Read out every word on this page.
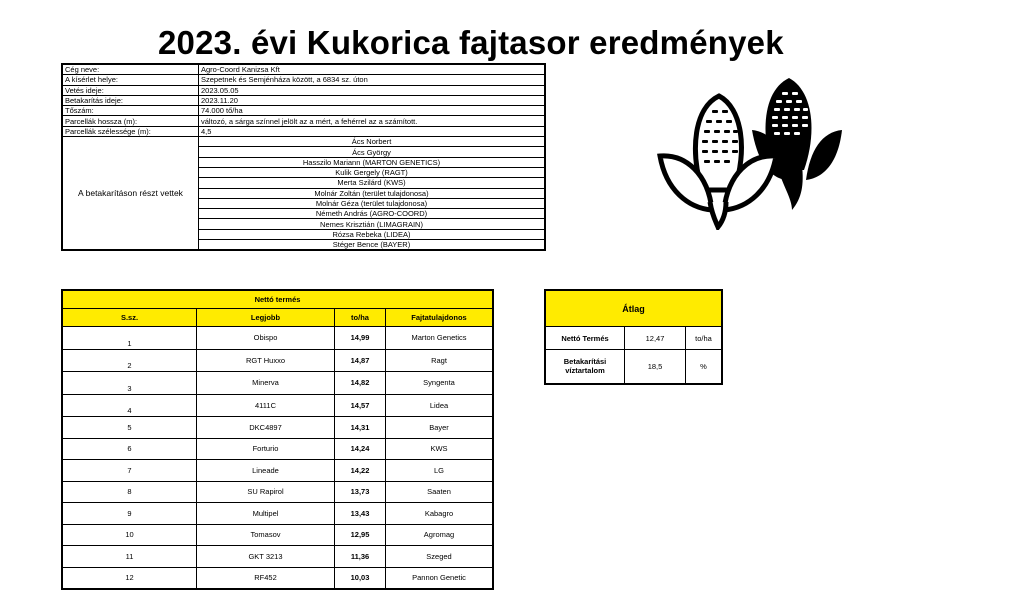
2023. évi Kukorica fajtasor eredmények
Cég neve:	Agro-Coord Kanizsa Kft
A kísérlet helye:	Szepetnek és Semjénháza között, a 6834 sz. úton
Vetés ideje:	2023.05.05
Betakarítás ideje:	2023.11.20
Tőszám:	74.000 tő/ha
Parcellák hossza (m):	változó, a sárga színnel jelölt az a mért, a fehérrel az a számított.
Parcellák szélessége (m):	4,5
A betakarításon részt vettek	Ács Norbert
	Ács György
	Hasszilo Mariann (MARTON GENETICS)
	Kulik Gergely (RAGT)
	Merta Szilárd (KWS)
	Molnár Zoltán (terület tulajdonosa)
	Molnár Géza (terület tulajdonosa)
	Németh András (AGRO-COORD)
	Nemes Krisztián (LIMAGRAIN)
	Rózsa Rebeka (LIDEA)
	Stéger Bence (BAYER)
Nettó termés			
S.sz.	Legjobb	to/ha	Fajtatulajdonos
1	Obispo	14,99	Marton Genetics
2	RGT Huxxo	14,87	Ragt
3	Minerva	14,82	Syngenta
4	4111C	14,57	Lidea
5	DKC4897	14,31	Bayer
6	Forturio	14,24	KWS
7	Lineade	14,22	LG
8	SU Rapirol	13,73	Saaten
9	Multipel	13,43	Kabagro
10	Tomasov	12,95	Agromag
11	GKT 3213	11,36	Szeged
12	RF452	10,03	Pannon Genetic
Átlag		
Nettó Termés	12,47	to/ha
Betakarítási víztartalom	18,5	%
